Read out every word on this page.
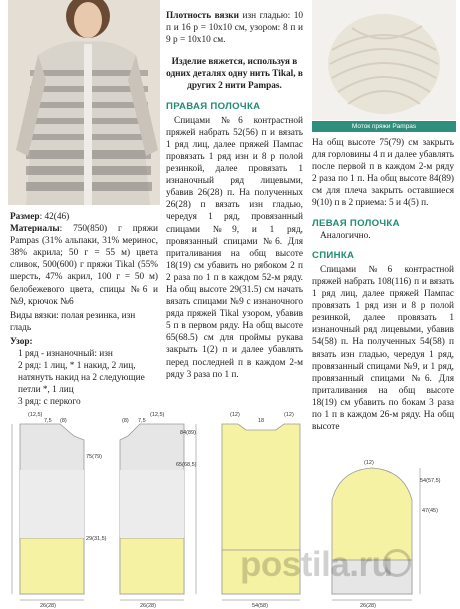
Моток пряжи Pampas

Размер: 42(46)

Материалы: 750(850) г пряжи Pampas (31% альпаки, 31% мериноc, 38% акрила; 50 г = 55 м) цвета сливок, 500(600) г пряжи Tikal (55% шерсть, 47% акрил, 100 г = 50 м) белобежевого цвета, спицы №6 и №9, крючок №6

Виды вязки: полая резинка, изн гладь

Узор:

1 ряд - изнаночный: изн

2 ряд: 1 лиц, * 1 накид, 2 лиц, натянуть накид на 2 следующие петли *, 1 лиц

3 ряд: с перкого

Плотность вязки изн гладью: 10 п и 16 р = 10x10 см, узором: 8 п и 9 р = 10x10 см.

Изделие вяжется, используя в одних деталях одну нить Tikal, в других 2 нити Pampas.

ПРАВАЯ ПОЛОЧКА

Спицами №6 контрастной пряжей набрать 52(56) п и вязать 1 ряд лиц, далее пряжей Пампас провязать 1 ряд изн и 8 р полой резинкой, далее провязать 1 изнаночный ряд лицевыми, убавив 26(28) п. На полученных 26(28) п вязать изн гладью, чередуя 1 ряд, провязанный спицами №9, и 1 ряд, провязанный спицами №6. Для приталивания на общ высоте 18(19) см убавить но рябоком 2 п 2 раза по 1 п в каждом 52-м ряду. На общ высоте 29(31.5) см начать вязать спицами №9 с изнаночного ряда пряжей Tikal узором, убавив 5 п в первом ряду. На общ высоте 65(68.5) см для проймы рукава закрыть 1(2) п и далее убавлять перед последней п в каждом 2-м ряду 3 раза по 1 п.

На общ высоте 75(79) см закрыть для горловины 4 п и далее убавлять после первой п в каждом 2-м ряду 2 раза по 1 п. На общ высоте 84(89) см для плеча закрыть оставшиеся 9(10) п в 2 приема: 5 и 4(5) п.

ЛЕВАЯ ПОЛОЧКА

Аналогично.

СПИНКА

Спицами №6 контрастной пряжей набрать 108(116) п и вязать 1 ряд лиц, далее пряжей Пампас провязать 1 ряд изн и 8 р полой резинкой, далее провязать 1 изнаночный ряд лицевыми, убавив 54(58) п. На полученных 54(58) п вязать изн гладью, чередуя 1 ряд, провязанный спицами №9, и 1 ряд, провязанный спицами №6. Для приталивания на общ высоте 18(19) см убавить по бокам 3 раза по 1 п в каждом 26-м ряду. На общ высоте

(12,5)
7,5 (8)
75(79)
29(31,5)
26(28)
(8) 7,5
(12,5)
84(89)
65(68,5)
26(28)
(12)
18
(12)
54(58)
(12)
54(57,5)
47(45)
26(28)
postila.ru
